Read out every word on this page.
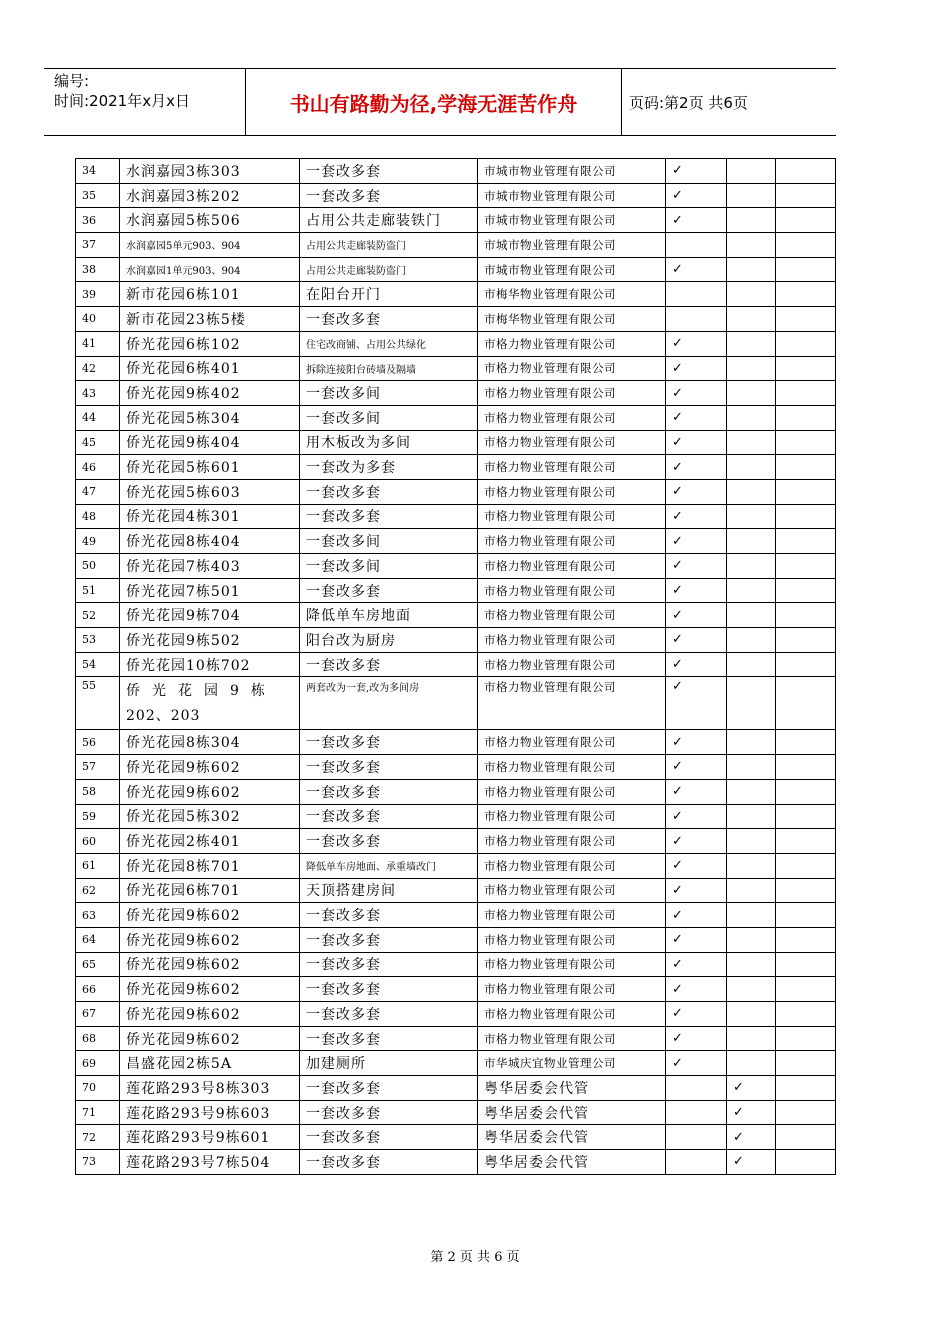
编号:
时间:2021年x月x日	书山有路勤为径,学海无涯苦作舟	页码:第2页 共6页
34	水润嘉园3栋303	一套改多套	市城市物业管理有限公司	✓		
35	水润嘉园3栋202	一套改多套	市城市物业管理有限公司	✓		
36	水润嘉园5栋506	占用公共走廊装铁门	市城市物业管理有限公司	✓		
37	水润嘉园5单元903、904	占用公共走廊装防盗门	市城市物业管理有限公司			
38	水润嘉园1单元903、904	占用公共走廊装防盗门	市城市物业管理有限公司	✓		
39	新市花园6栋101	在阳台开门	市梅华物业管理有限公司			
40	新市花园23栋5楼	一套改多套	市梅华物业管理有限公司			
41	侨光花园6栋102	住宅改商铺、占用公共绿化	市格力物业管理有限公司	✓		
42	侨光花园6栋401	拆除连接阳台砖墙及隔墙	市格力物业管理有限公司	✓		
43	侨光花园9栋402	一套改多间	市格力物业管理有限公司	✓		
44	侨光花园5栋304	一套改多间	市格力物业管理有限公司	✓		
45	侨光花园9栋404	用木板改为多间	市格力物业管理有限公司	✓		
46	侨光花园5栋601	一套改为多套	市格力物业管理有限公司	✓		
47	侨光花园5栋603	一套改多套	市格力物业管理有限公司	✓		
48	侨光花园4栋301	一套改多套	市格力物业管理有限公司	✓		
49	侨光花园8栋404	一套改多间	市格力物业管理有限公司	✓		
50	侨光花园7栋403	一套改多间	市格力物业管理有限公司	✓		
51	侨光花园7栋501	一套改多套	市格力物业管理有限公司	✓		
52	侨光花园9栋704	降低单车房地面	市格力物业管理有限公司	✓		
53	侨光花园9栋502	阳台改为厨房	市格力物业管理有限公司	✓		
54	侨光花园10栋702	一套改多套	市格力物业管理有限公司	✓		
55	侨光花园9栋
202、203	两套改为一套,改为多间房	市格力物业管理有限公司	✓		
56	侨光花园8栋304	一套改多套	市格力物业管理有限公司	✓		
57	侨光花园9栋602	一套改多套	市格力物业管理有限公司	✓		
58	侨光花园9栋602	一套改多套	市格力物业管理有限公司	✓		
59	侨光花园5栋302	一套改多套	市格力物业管理有限公司	✓		
60	侨光花园2栋401	一套改多套	市格力物业管理有限公司	✓		
61	侨光花园8栋701	降低单车房地面、承重墙改门	市格力物业管理有限公司	✓		
62	侨光花园6栋701	天顶搭建房间	市格力物业管理有限公司	✓		
63	侨光花园9栋602	一套改多套	市格力物业管理有限公司	✓		
64	侨光花园9栋602	一套改多套	市格力物业管理有限公司	✓		
65	侨光花园9栋602	一套改多套	市格力物业管理有限公司	✓		
66	侨光花园9栋602	一套改多套	市格力物业管理有限公司	✓		
67	侨光花园9栋602	一套改多套	市格力物业管理有限公司	✓		
68	侨光花园9栋602	一套改多套	市格力物业管理有限公司	✓		
69	昌盛花园2栋5A	加建厕所	市华城庆宜物业管理公司	✓		
70	莲花路293号8栋303	一套改多套	粤华居委会代管		✓	
71	莲花路293号9栋603	一套改多套	粤华居委会代管		✓	
72	莲花路293号9栋601	一套改多套	粤华居委会代管		✓	
73	莲花路293号7栋504	一套改多套	粤华居委会代管		✓	
第 2 页 共 6 页
